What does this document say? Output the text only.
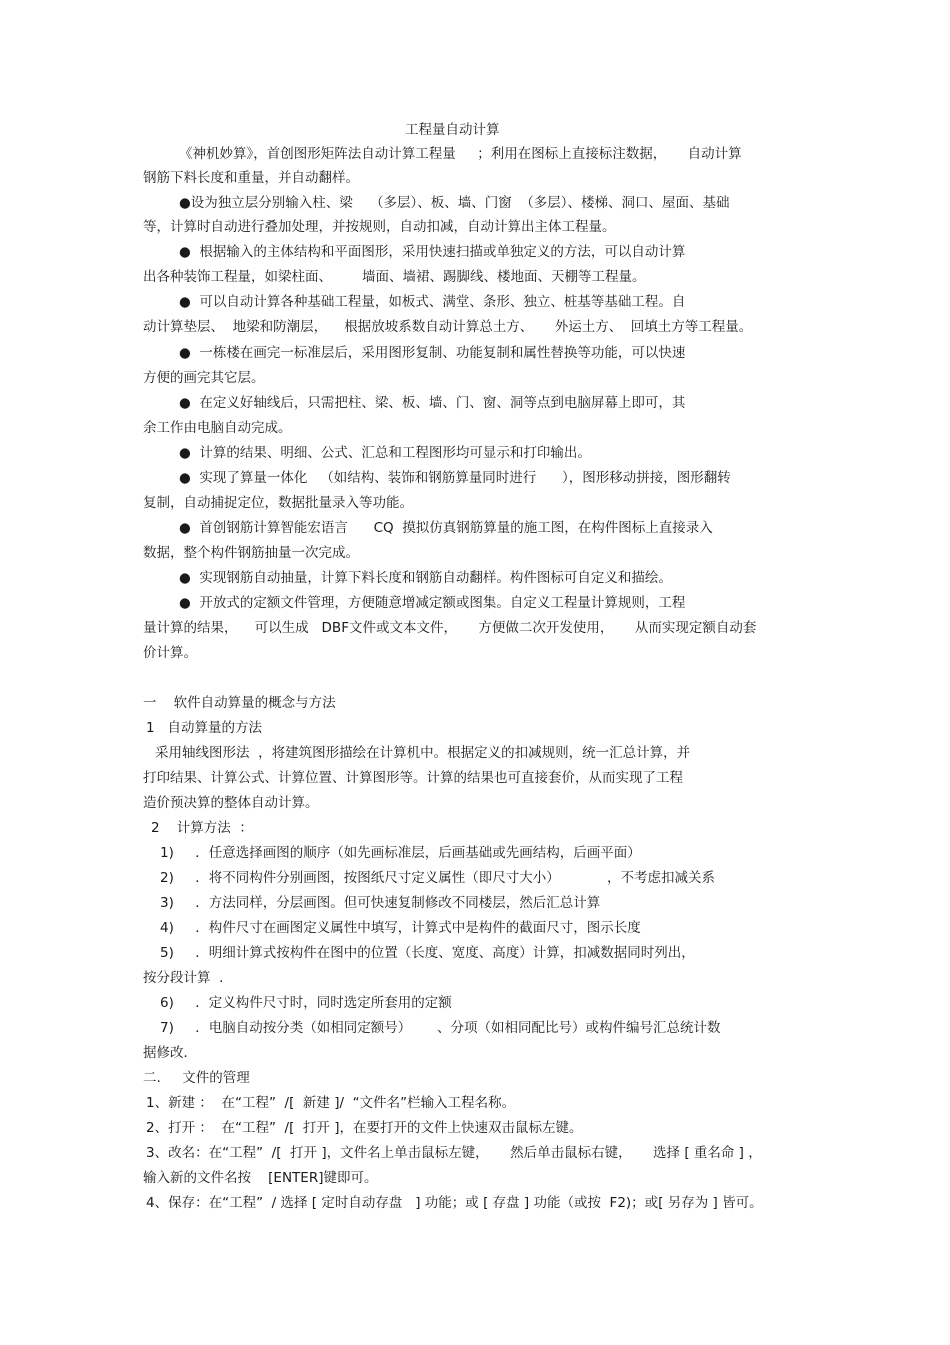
工程量自动计算
《神机妙算》，首创图形矩阵法自动计算工程量     ；利用在图标上直接标注数据，     自动计算
钢筋下料长度和重量，并自动翻样。
●设为独立层分别输入柱、梁    （多层）、板、墙、门窗  （多层）、楼梯、洞口、屋面、基础
等，计算时自动进行叠加处理，并按规则，自动扣减，自动计算出主体工程量。
●  根据输入的主体结构和平面图形，采用快速扫描或单独定义的方法，可以自动计算
出各种装饰工程量，如梁柱面、       墙面、墙裙、踢脚线、楼地面、天棚等工程量。
●  可以自动计算各种基础工程量，如板式、满堂、条形、独立、桩基等基础工程。自
动计算垫层、  地梁和防潮层，    根据放坡系数自动计算总土方、     外运土方、  回填土方等工程量。
●  一栋楼在画完一标准层后，采用图形复制、功能复制和属性替换等功能，可以快速
方便的画完其它层。
●  在定义好轴线后，只需把柱、梁、板、墙、门、窗、洞等点到电脑屏幕上即可，其
余工作由电脑自动完成。
●  计算的结果、明细、公式、汇总和工程图形均可显示和打印输出。
●  实现了算量一体化   （如结构、装饰和钢筋算量同时进行      ），图形移动拼接，图形翻转
复制，自动捕捉定位，数据批量录入等功能。
●  首创钢筋计算智能宏语言      CQ  摸拟仿真钢筋算量的施工图，在构件图标上直接录入
数据，整个构件钢筋抽量一次完成。
●  实现钢筋自动抽量，计算下料长度和钢筋自动翻样。构件图标可自定义和描绘。
●  开放式的定额文件管理，方便随意增减定额或图集。自定义工程量计算规则，工程
量计算的结果，    可以生成   DBF文件或文本文件，     方便做二次开发使用，     从而实现定额自动套
价计算。
一    软件自动算量的概念与方法
1   自动算量的方法
采用轴线图形法  ，将建筑图形描绘在计算机中。根据定义的扣减规则，统一汇总计算，并
打印结果、计算公式、计算位置、计算图形等。计算的结果也可直接套价，从而实现了工程
造价预决算的整体自动计算。
2    计算方法  ：
1)     ．任意选择画图的顺序（如先画标准层，后画基础或先画结构，后画平面）
2)     ．将不同构件分别画图，按图纸尺寸定义属性（即尺寸大小）           ，不考虑扣减关系
3)     ．方法同样，分层画图。但可快速复制修改不同楼层，然后汇总计算
4)     ．构件尺寸在画图定义属性中填写，计算式中是构件的截面尺寸，图示长度
5)     ．明细计算式按构件在图中的位置（长度、宽度、高度）计算，扣减数据同时列出，
按分段计算  .
6)     ．定义构件尺寸时，同时选定所套用的定额
7)     ．电脑自动按分类（如相同定额号）      、分项（如相同配比号）或构件编号汇总统计数
据修改．
二.     文件的管理
1、新建 ：  在“工程”  /[  新建 ]/  “文件名”栏输入工程名称。
2、打开 ：  在“工程”  /[  打开 ]，在要打开的文件上快速双击鼠标左键。
3、改名：在“工程”  /[  打开 ]，文件名上单击鼠标左键，     然后单击鼠标右键，     选择 [ 重名命 ] ，
输入新的文件名按    [ENTER]键即可。
4、保存：在“工程”  / 选择 [ 定时自动存盘   ] 功能；或 [ 存盘 ] 功能（或按  F2)；或[ 另存为 ] 皆可。
